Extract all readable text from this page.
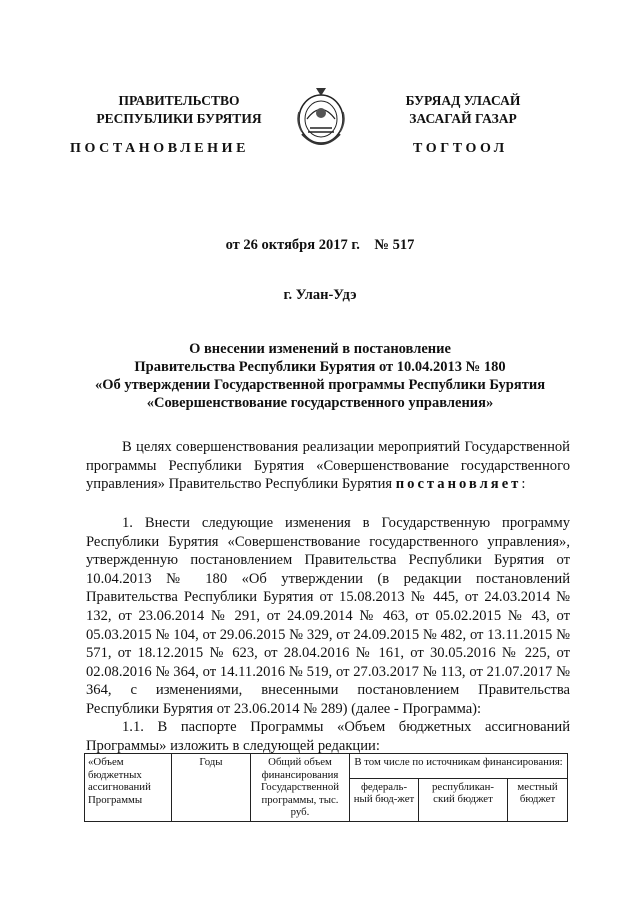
ПРАВИТЕЛЬСТВО
РЕСПУБЛИКИ БУРЯТИЯ
БУРЯАД УЛАСАЙ
ЗАСАГАЙ ГАЗАР
ПОСТАНОВЛЕНИЕ	ТОГТООЛ
от 26 октября 2017 г.    № 517
г. Улан-Удэ
О внесении изменений в постановление
Правительства Республики Бурятия от 10.04.2013 № 180
«Об утверждении Государственной программы Республики Бурятия
«Совершенствование государственного управления»
В целях совершенствования реализации мероприятий Государственной программы Республики Бурятия «Совершенствование государственного управления» Правительство Республики Бурятия постановляет:
1. Внести следующие изменения в Государственную программу Республики Бурятия «Совершенствование государственного управления», утвержденную постановлением Правительства Республики Бурятия от 10.04.2013 № 180 «Об утверждении (в редакции постановлений Правительства Республики Бурятия от 15.08.2013 № 445, от 24.03.2014 № 132, от 23.06.2014 № 291, от 24.09.2014 № 463, от 05.02.2015 № 43, от 05.03.2015 № 104, от 29.06.2015 № 329, от 24.09.2015 № 482, от 13.11.2015 № 571, от 18.12.2015 № 623, от 28.04.2016 № 161, от 30.05.2016 № 225, от 02.08.2016 № 364, от 14.11.2016 № 519, от 27.03.2017 № 113, от 21.07.2017 № 364, с изменениями, внесенными постановлением Правительства Республики Бурятия от 23.06.2014 № 289) (далее - Программа):
1.1. В паспорте Программы «Объем бюджетных ассигнований Программы» изложить в следующей редакции:
«Объем бюджетных ассигнований Программы	Годы	Общий объем финансирования Государственной программы, тыс. руб.	В том числе по источникам финансирования:		
			федераль-ный бюд-жет	республикан-ский бюджет	местный бюджет
